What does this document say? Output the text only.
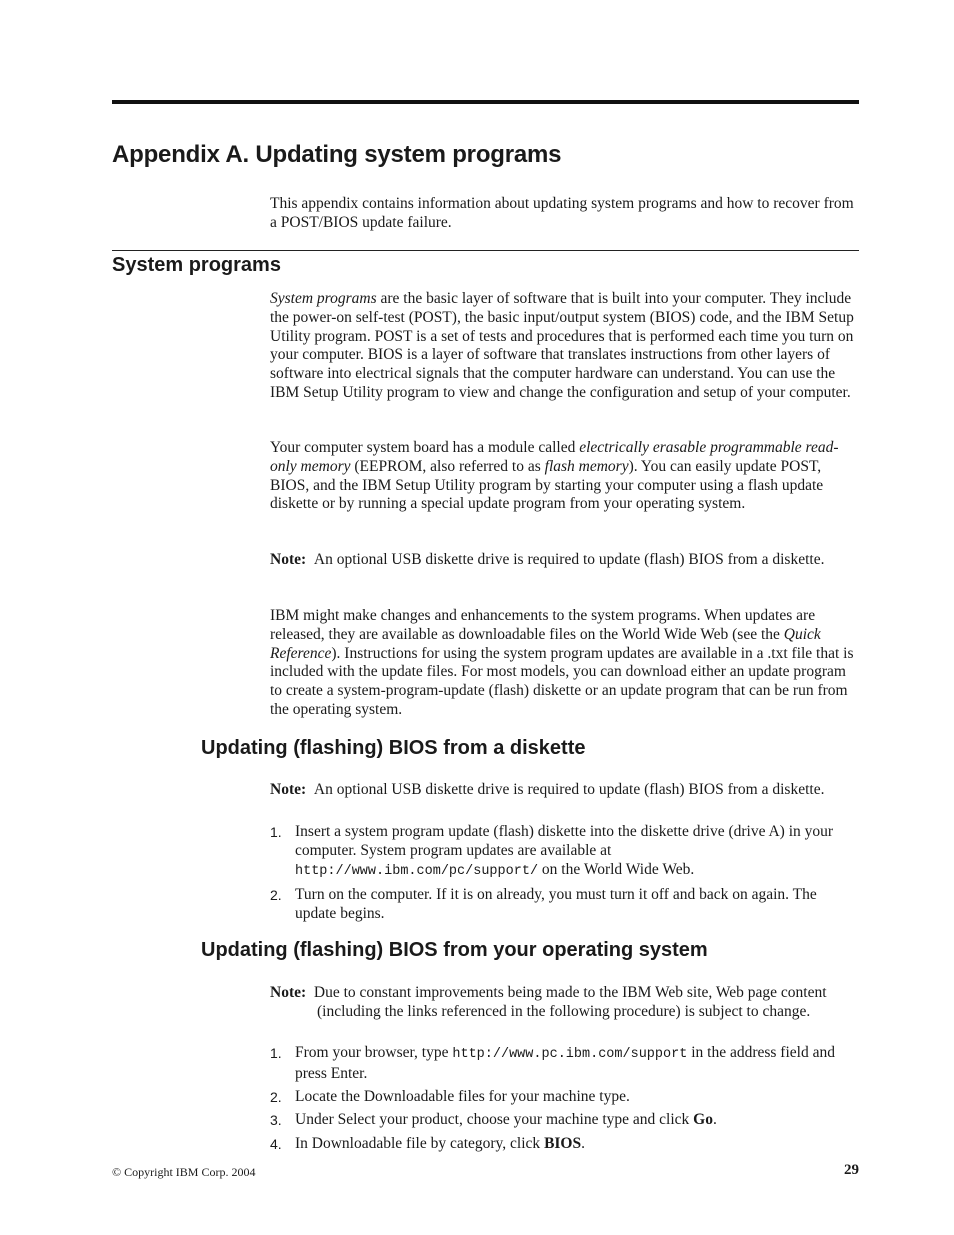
Appendix A. Updating system programs

This appendix contains information about updating system programs and how to recover from a POST/BIOS update failure.

System programs

System programs are the basic layer of software that is built into your computer. They include the power-on self-test (POST), the basic input/output system (BIOS) code, and the IBM Setup Utility program. POST is a set of tests and procedures that is performed each time you turn on your computer. BIOS is a layer of software that translates instructions from other layers of software into electrical signals that the computer hardware can understand. You can use the IBM Setup Utility program to view and change the configuration and setup of your computer.

Your computer system board has a module called electrically erasable programmable read-only memory (EEPROM, also referred to as flash memory). You can easily update POST, BIOS, and the IBM Setup Utility program by starting your computer using a flash update diskette or by running a special update program from your operating system.

Note: An optional USB diskette drive is required to update (flash) BIOS from a diskette.

IBM might make changes and enhancements to the system programs. When updates are released, they are available as downloadable files on the World Wide Web (see the Quick Reference). Instructions for using the system program updates are available in a .txt file that is included with the update files. For most models, you can download either an update program to create a system-program-update (flash) diskette or an update program that can be run from the operating system.

Updating (flashing) BIOS from a diskette
Note: An optional USB diskette drive is required to update (flash) BIOS from a diskette.
1. Insert a system program update (flash) diskette into the diskette drive (drive A) in your computer. System program updates are available at
http://www.ibm.com/pc/support/ on the World Wide Web.
2. Turn on the computer. If it is on already, you must turn it off and back on again. The update begins.
Updating (flashing) BIOS from your operating system
Note: Due to constant improvements being made to the IBM Web site, Web page content (including the links referenced in the following procedure) is subject to change.
1. From your browser, type http://www.pc.ibm.com/support in the address field and press Enter.
2. Locate the Downloadable files for your machine type.
3. Under Select your product, choose your machine type and click Go.
4. In Downloadable file by category, click BIOS.
© Copyright IBM Corp. 2004	29
